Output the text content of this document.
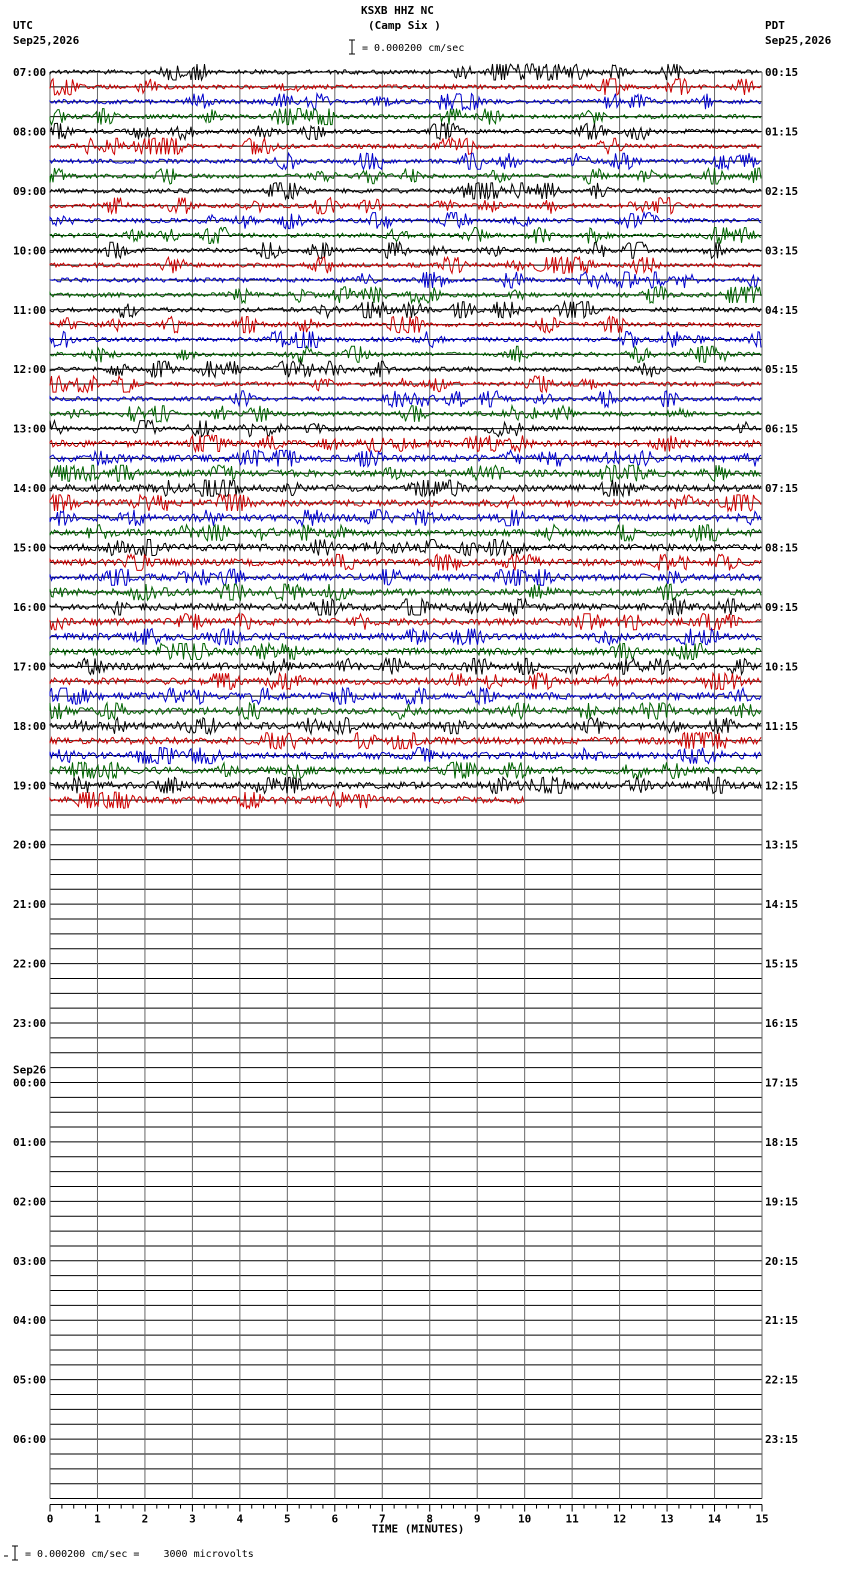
KSXB HHZ NC
(Camp Six )
UTC
Sep25,2026
PDT
Sep25,2026
= 0.000200 cm/sec
= 0.000200 cm/sec =    3000 microvolts
0	1	2	3	4	5	6	7	8	9	10	11	12	13	14	15
TIME (MINUTES)
07:00
08:00
09:00
10:00
11:00
12:00
13:00
14:00
15:00
16:00
17:00
18:00
19:00
20:00
21:00
22:00
23:00
00:00
Sep26
01:00
02:00
03:00
04:00
05:00
06:00
00:15
01:15
02:15
03:15
04:15
05:15
06:15
07:15
08:15
09:15
10:15
11:15
12:15
13:15
14:15
15:15
16:15
17:15
18:15
19:15
20:15
21:15
22:15
23:15
